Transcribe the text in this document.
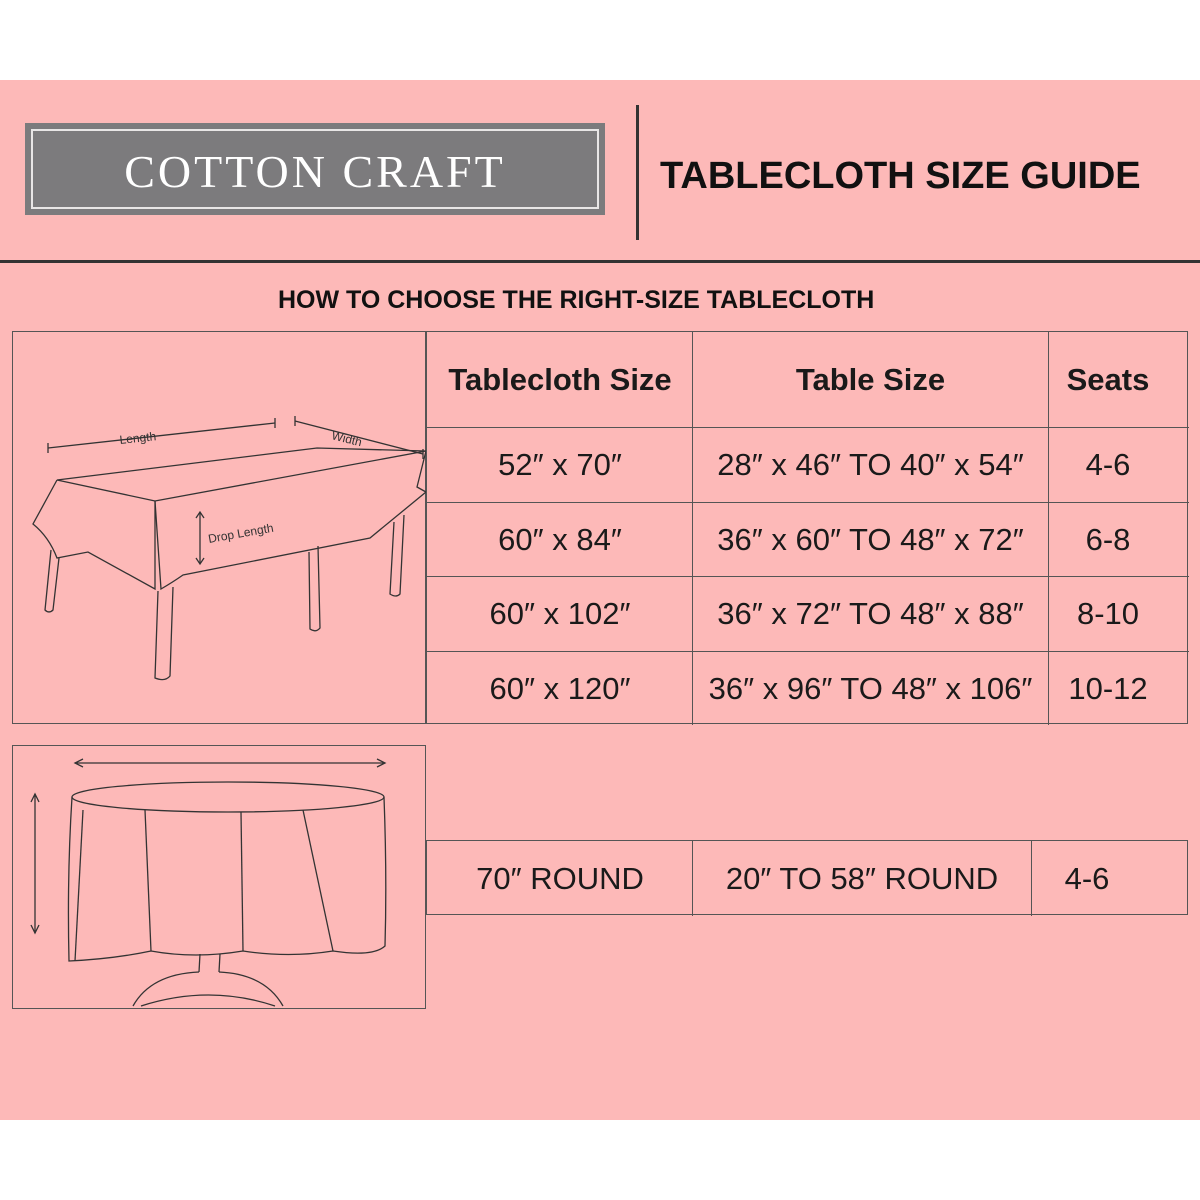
COTTON CRAFT	TABLECLOTH SIZE GUIDE
HOW TO CHOOSE THE RIGHT-SIZE TABLECLOTH
Length	Width
Drop Length
Tablecloth Size	Table Size	Seats
52″ x 70″	28″ x 46″ TO 40″ x 54″	4-6
60″ x 84″	36″ x 60″ TO 48″ x 72″	6-8
60″ x 102″	36″ x 72″ TO 48″ x 88″	8-10
60″ x 120″	36″ x 96″ TO 48″ x 106″	10-12
70″ ROUND	20″ TO 58″ ROUND	4-6
